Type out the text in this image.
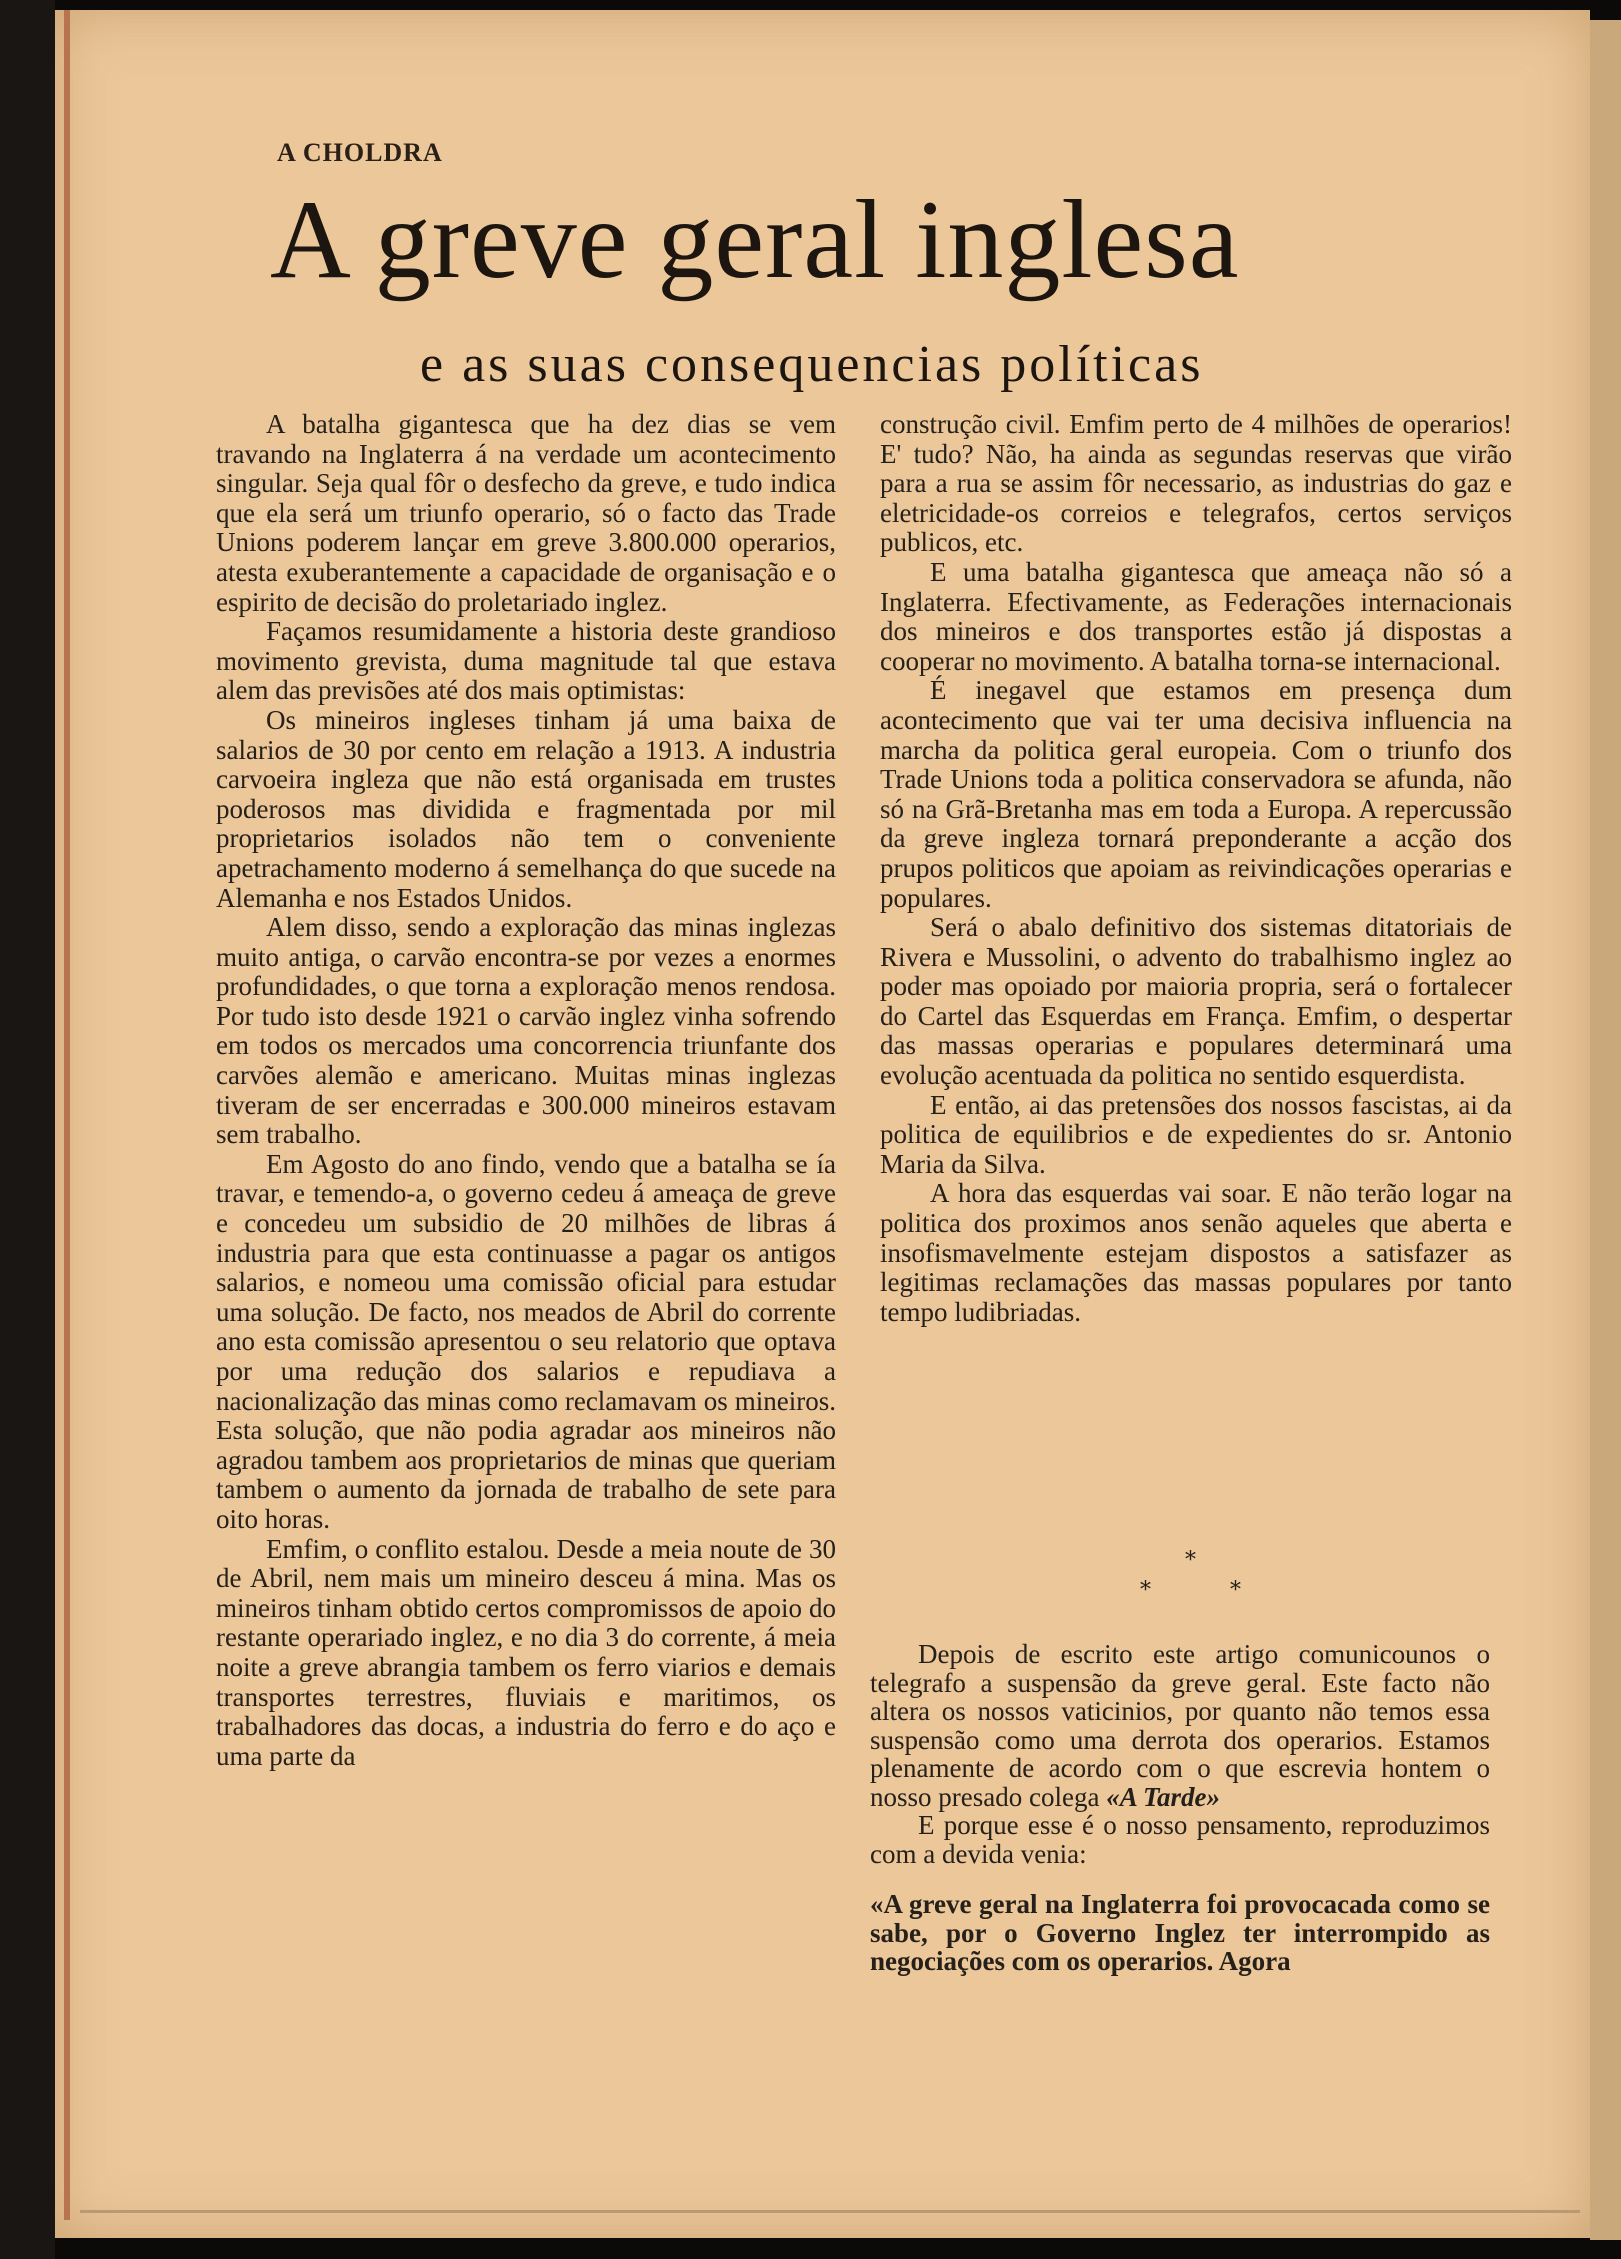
A CHOLDRA
A greve geral inglesa
e as suas consequencias políticas

A batalha gigantesca que ha dez dias se vem travando na Inglaterra á na verdade um acontecimento singular. Seja qual fôr o desfecho da greve, e tudo indica que ela será um triunfo operario, só o facto das Trade Unions poderem lançar em greve 3.800.000 operarios, atesta exuberantemente a capacidade de organisação e o espirito de decisão do proletariado inglez.

Façamos resumidamente a historia deste grandioso movimento grevista, duma magnitude tal que estava alem das previsões até dos mais optimistas:

Os mineiros ingleses tinham já uma baixa de salarios de 30 por cento em relação a 1913. A industria carvoeira ingleza que não está organisada em trustes poderosos mas dividida e fragmentada por mil proprietarios isolados não tem o conveniente apetrachamento moderno á semelhança do que sucede na Alemanha e nos Estados Unidos.

Alem disso, sendo a exploração das minas inglezas muito antiga, o carvão encontra-se por vezes a enormes profundidades, o que torna a exploração menos rendosa. Por tudo isto desde 1921 o carvão inglez vinha sofrendo em todos os mercados uma concorrencia triunfante dos carvões alemão e americano. Muitas minas inglezas tiveram de ser encerradas e 300.000 mineiros estavam sem trabalho.

Em Agosto do ano findo, vendo que a batalha se ía travar, e temendo-a, o governo cedeu á ameaça de greve e concedeu um subsidio de 20 milhões de libras á industria para que esta continuasse a pagar os antigos salarios, e nomeou uma comissão oficial para estudar uma solução. De facto, nos meados de Abril do corrente ano esta comissão apresentou o seu relatorio que optava por uma redução dos salarios e repudiava a nacionalização das minas como reclamavam os mineiros. Esta solução, que não podia agradar aos mineiros não agradou tambem aos proprietarios de minas que queriam tambem o aumento da jornada de trabalho de sete para oito horas.

Emfim, o conflito estalou. Desde a meia noute de 30 de Abril, nem mais um mineiro desceu á mina. Mas os mineiros tinham obtido certos compromissos de apoio do restante operariado inglez, e no dia 3 do corrente, á meia noite a greve abrangia tambem os ferro viarios e demais transportes terrestres, fluviais e maritimos, os trabalhadores das docas, a industria do ferro e do aço e uma parte da

construção civil. Emfim perto de 4 milhões de operarios! E' tudo? Não, ha ainda as segundas reservas que virão para a rua se assim fôr necessario, as industrias do gaz e eletricidade-os correios e telegrafos, certos serviços publicos, etc.

E uma batalha gigantesca que ameaça não só a Inglaterra. Efectivamente, as Federações internacionais dos mineiros e dos transportes estão já dispostas a cooperar no movimento. A batalha torna-se internacional.

É inegavel que estamos em presença dum acontecimento que vai ter uma decisiva influencia na marcha da politica geral europeia. Com o triunfo dos Trade Unions toda a politica conservadora se afunda, não só na Grã-Bretanha mas em toda a Europa. A repercussão da greve ingleza tornará preponderante a acção dos prupos politicos que apoiam as reivindicações operarias e populares.

Será o abalo definitivo dos sistemas ditatoriais de Rivera e Mussolini, o advento do trabalhismo inglez ao poder mas opoiado por maioria propria, será o fortalecer do Cartel das Esquerdas em França. Emfim, o despertar das massas operarias e populares determinará uma evolução acentuada da politica no sentido esquerdista.

E então, ai das pretensões dos nossos fascistas, ai da politica de equilibrios e de expedientes do sr. Antonio Maria da Silva.

A hora das esquerdas vai soar. E não terão logar na politica dos proximos anos senão aqueles que aberta e insofismavelmente estejam dispostos a satisfazer as legitimas reclamações das massas populares por tanto tempo ludibriadas.

*
*	*

Depois de escrito este artigo comunicounos o telegrafo a suspensão da greve geral. Este facto não altera os nossos vaticinios, por quanto não temos essa suspensão como uma derrota dos operarios. Estamos plenamente de acordo com o que escrevia hontem o nosso presado colega «A Tarde»

E porque esse é o nosso pensamento, reproduzimos com a devida venia:

«A greve geral na Inglaterra foi provocacada como se sabe, por o Governo Inglez ter interrompido as negociações com os operarios. Agora
